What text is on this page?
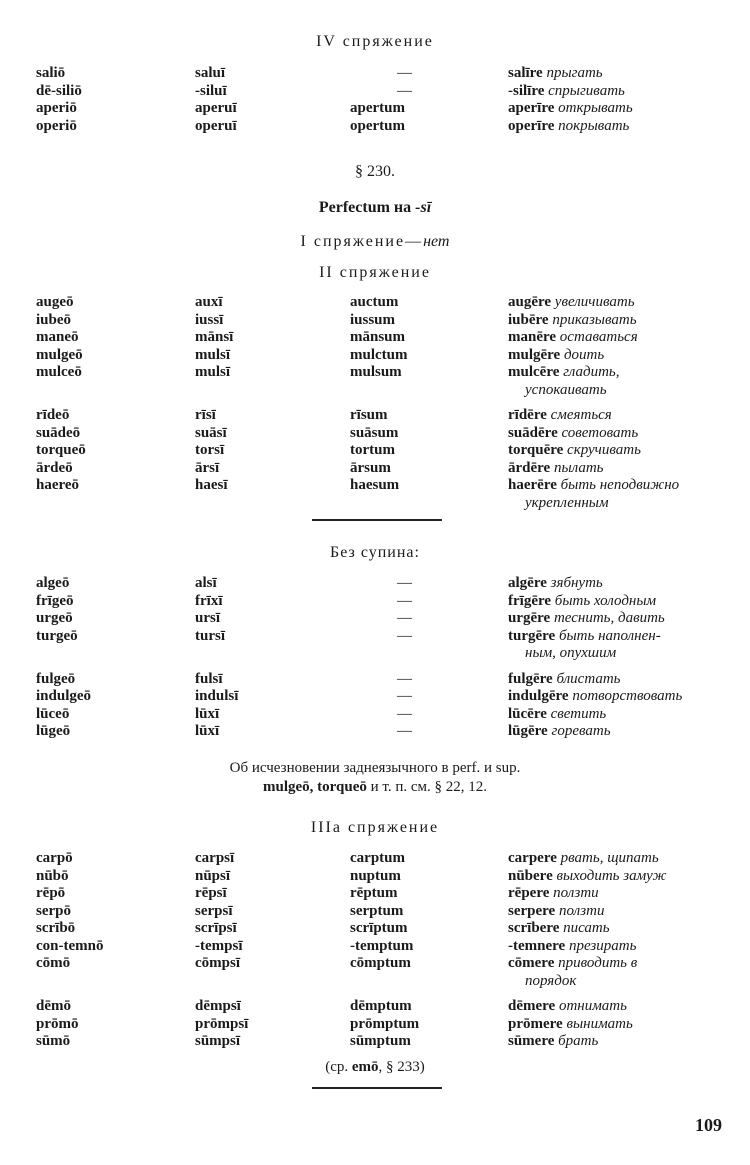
IV спряжение
saliō	saluī	—	salīre прыгать
dē-siliō	-siluī	—	-silīre спрыгивать
aperiō	aperuī	apertum	aperīre открывать
operiō	operuī	opertum	operīre покрывать
§ 230.
Perfectum на -sī
I спряжение—нет
II спряжение
augeō	auxī	auctum	augēre увеличивать
iubeō	iussī	iussum	iubēre приказывать
maneō	mānsī	mānsum	manēre оставаться
mulgeō	mulsī	mulctum	mulgēre доить
mulceō	mulsī	mulsum	mulcēre гладить,
успокаивать
rīdeō	rīsī	rīsum	rīdēre смеяться
suādeō	suāsī	suāsum	suādēre советовать
torqueō	torsī	tortum	torquēre скручивать
ārdeō	ārsī	ārsum	ārdēre пылать
haereō	haesī	haesum	haerēre быть неподвижно
укрепленным
Без супина:
algeō	alsī	—	algēre зябнуть
frīgeō	frīxī	—	frīgēre быть холодным
urgeō	ursī	—	urgēre теснить, давить
turgeō	tursī	—	turgēre быть наполнен-
ным, опухшим
fulgeō	fulsī	—	fulgēre блистать
indulgeō	indulsī	—	indulgēre потворствовать
lūceō	lūxī	—	lūcēre светить
lūgeō	lūxī	—	lūgēre горевать
Об исчезновении заднеязычного в perf. и sup.
mulgeō, torqueō и т. п. см. § 22, 12.
IIIa спряжение
carpō	carpsī	carptum	carpere рвать, щипать
nūbō	nūpsī	nuptum	nūbere выходить замуж
rēpō	rēpsī	rēptum	rēpere ползти
serpō	serpsī	serptum	serpere ползти
scrībō	scrīpsī	scrīptum	scrībere писать
con-temnō	-tempsī	-temptum	-temnere презирать
cōmō	cōmpsī	cōmptum	cōmere приводить в
порядок
dēmō	dēmpsī	dēmptum	dēmere отнимать
prōmō	prōmpsī	prōmptum	prōmere вынимать
sūmō	sūmpsī	sūmptum	sūmere брать
(ср. emō, § 233)
109
